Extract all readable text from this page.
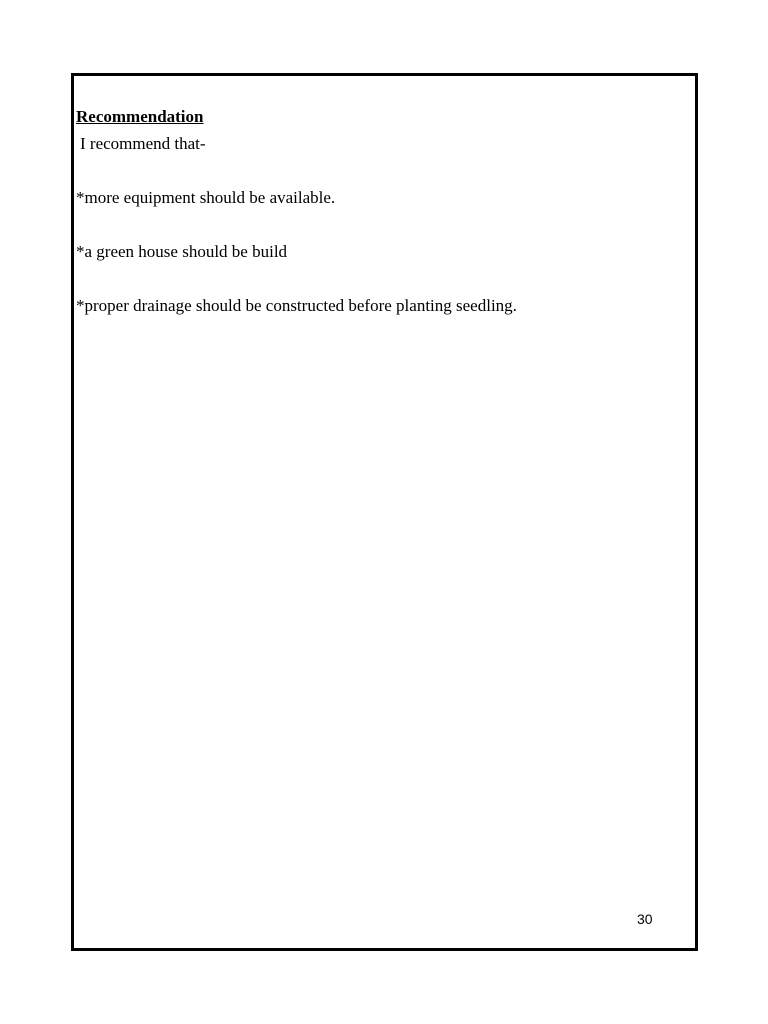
Recommendation
I recommend that-
*more equipment should be available.
*a green house should be build
*proper drainage should be constructed before planting seedling.
30
